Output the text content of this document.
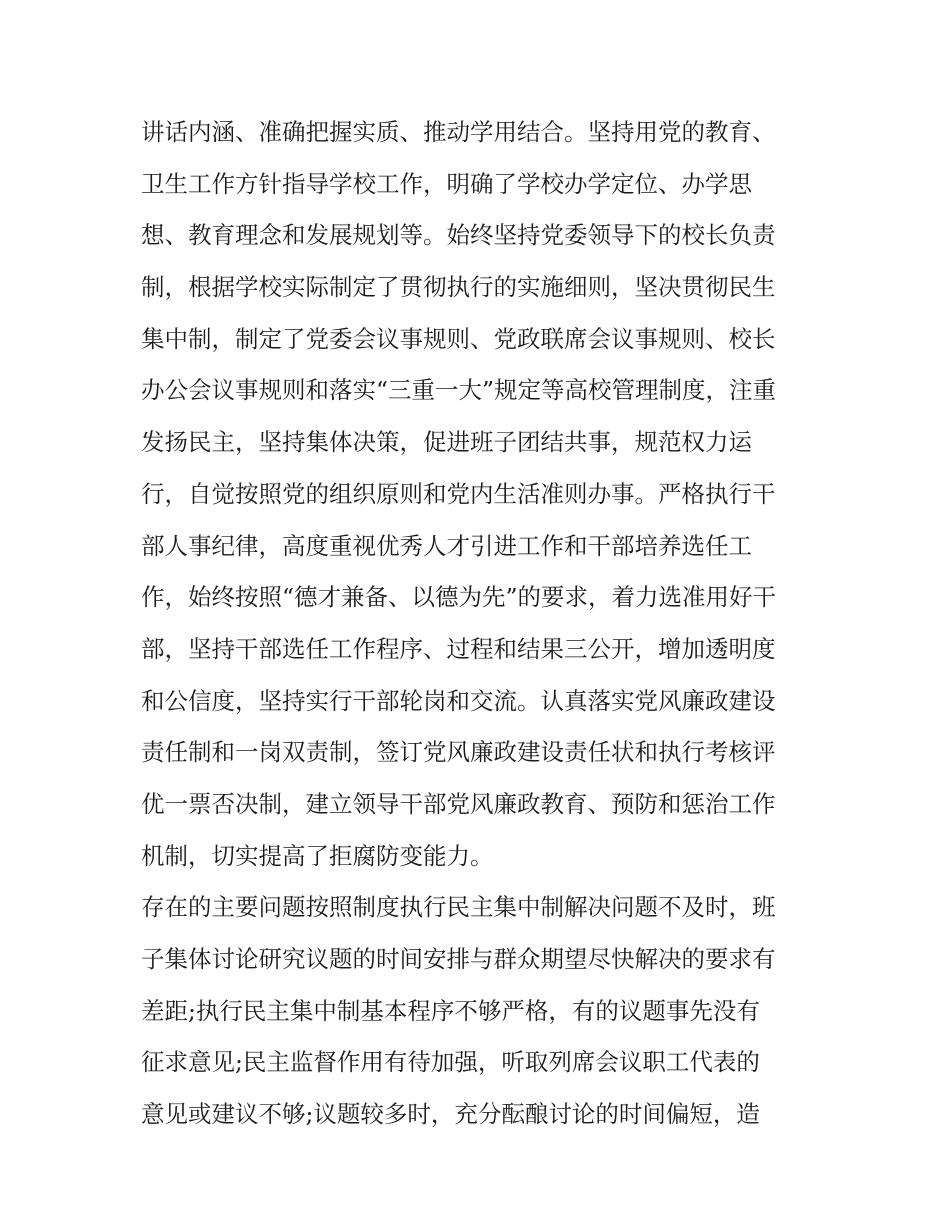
讲话内涵、准确把握实质、推动学用结合。坚持用党的教育、
卫生工作方针指导学校工作，明确了学校办学定位、办学思
想、教育理念和发展规划等。始终坚持党委领导下的校长负责
制，根据学校实际制定了贯彻执行的实施细则，坚决贯彻民生
集中制，制定了党委会议事规则、党政联席会议事规则、校长
办公会议事规则和落实“三重一大”规定等高校管理制度，注重
发扬民主，坚持集体决策，促进班子团结共事，规范权力运
行，自觉按照党的组织原则和党内生活准则办事。严格执行干
部人事纪律，高度重视优秀人才引进工作和干部培养选任工
作，始终按照“德才兼备、以德为先”的要求，着力选准用好干
部，坚持干部选任工作程序、过程和结果三公开，增加透明度
和公信度，坚持实行干部轮岗和交流。认真落实党风廉政建设
责任制和一岗双责制，签订党风廉政建设责任状和执行考核评
优一票否决制，建立领导干部党风廉政教育、预防和惩治工作
机制，切实提高了拒腐防变能力。
存在的主要问题按照制度执行民主集中制解决问题不及时，班
子集体讨论研究议题的时间安排与群众期望尽快解决的要求有
差距;执行民主集中制基本程序不够严格，有的议题事先没有
征求意见;民主监督作用有待加强，听取列席会议职工代表的
意见或建议不够;议题较多时，充分酝酿讨论的时间偏短，造
